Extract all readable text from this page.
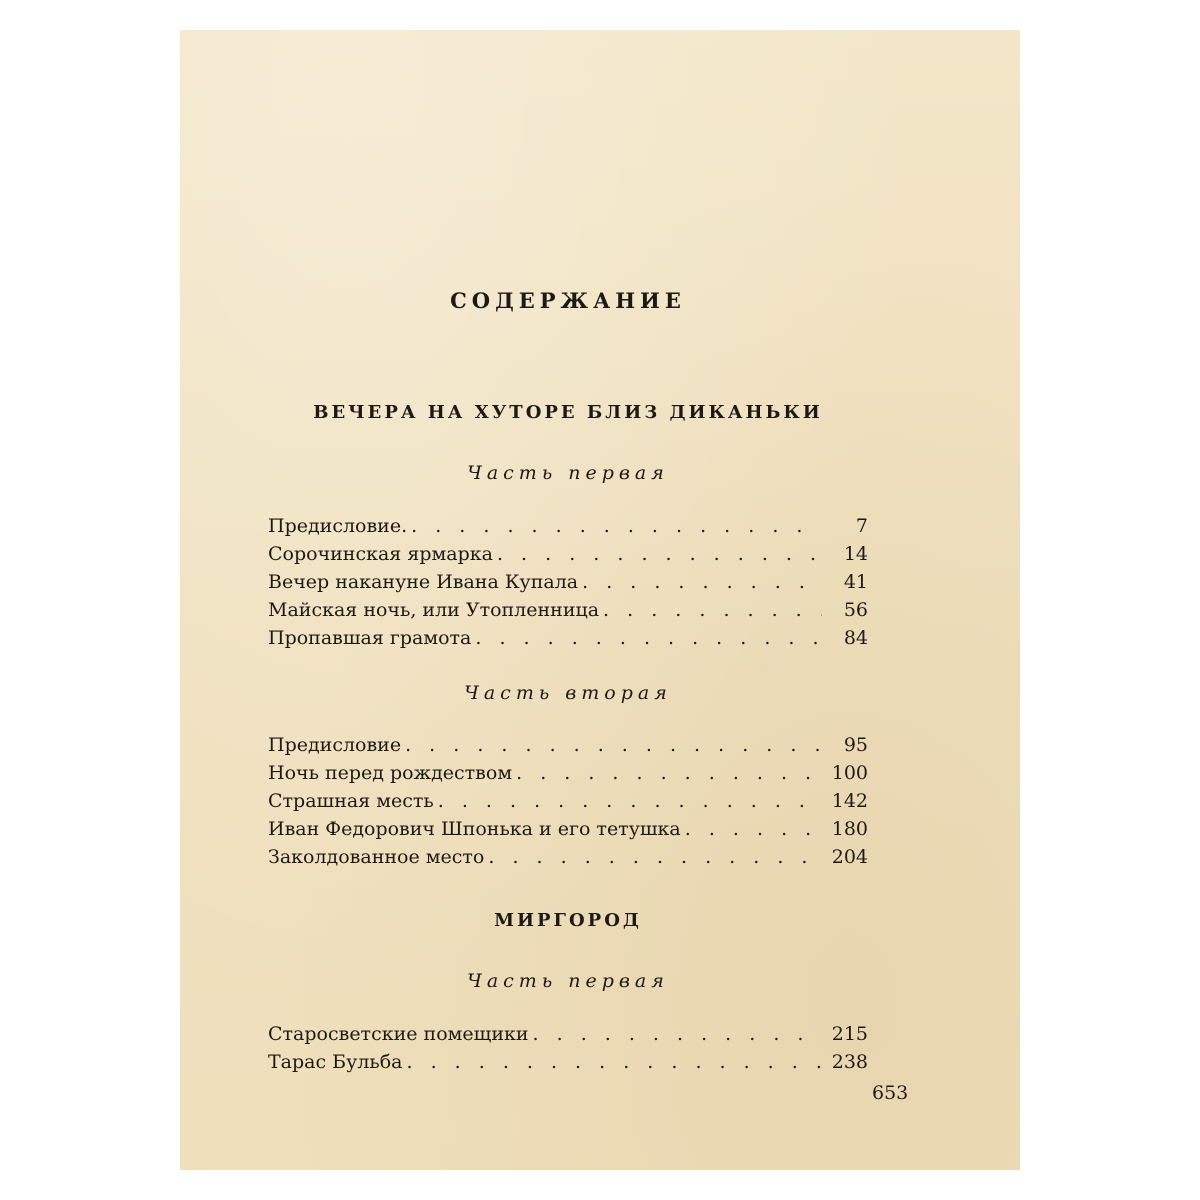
СОДЕРЖАНИЕ
ВЕЧЕРА НА ХУТОРЕ БЛИЗ ДИКАНЬКИ
Часть первая
Предисловие. . . .	7
Сорочинская ярмарка . . .	14
Вечер накануне Ивана Купала . . .	41
Майская ночь, или Утопленница . . .	56
Пропавшая грамота . . .	84
Часть вторая
Предисловие . . .	95
Ночь перед рождеством . . .	100
Страшная месть . . .	142
Иван Федорович Шпонька и его тетушка . . .	180
Заколдованное место . . .	204
МИРГОРОД
Часть первая
Старосветские помещики . . .	215
Тарас Бульба . . .	238
653
